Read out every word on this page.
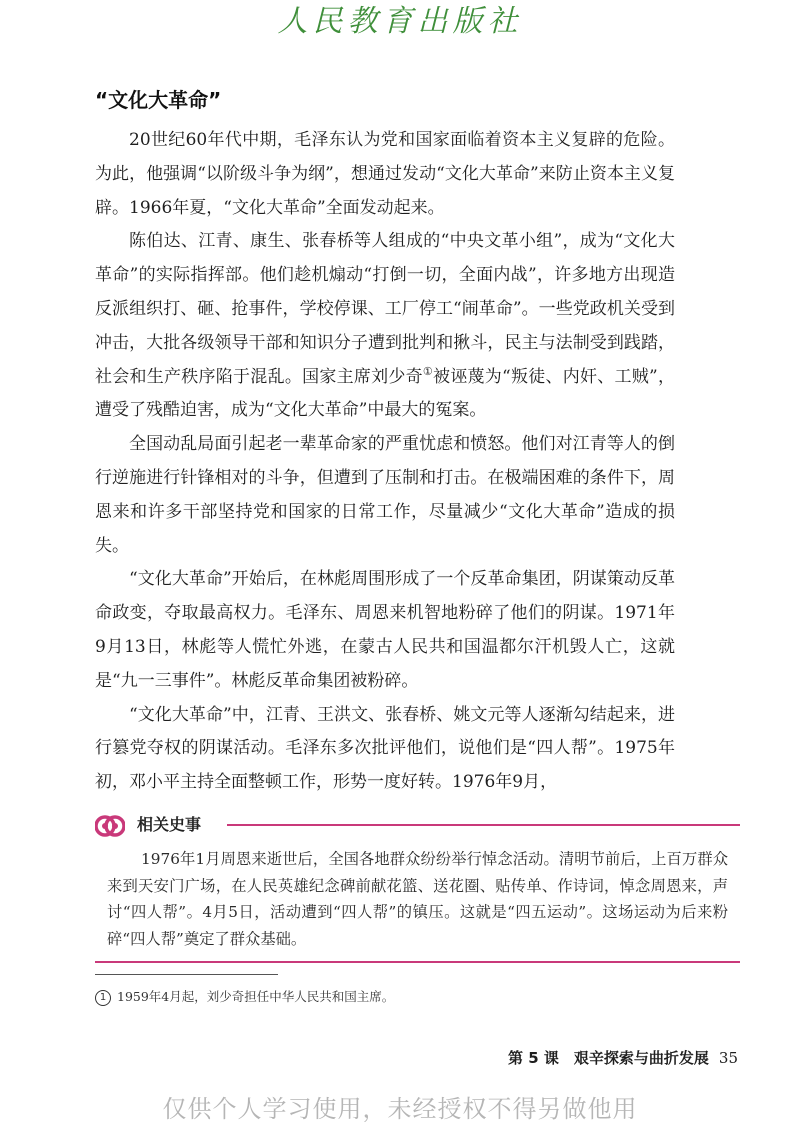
人民教育出版社
“文化大革命”

20世纪60年代中期，毛泽东认为党和国家面临着资本主义复辟的危险。为此，他强调“以阶级斗争为纲”，想通过发动“文化大革命”来防止资本主义复辟。1966年夏，“文化大革命”全面发动起来。

陈伯达、江青、康生、张春桥等人组成的“中央文革小组”，成为“文化大革命”的实际指挥部。他们趁机煽动“打倒一切，全面内战”，许多地方出现造反派组织打、砸、抢事件，学校停课、工厂停工“闹革命”。一些党政机关受到冲击，大批各级领导干部和知识分子遭到批判和揪斗，民主与法制受到践踏，社会和生产秩序陷于混乱。国家主席刘少奇①被诬蔑为“叛徒、内奸、工贼”，遭受了残酷迫害，成为“文化大革命”中最大的冤案。

全国动乱局面引起老一辈革命家的严重忧虑和愤怒。他们对江青等人的倒行逆施进行针锋相对的斗争，但遭到了压制和打击。在极端困难的条件下，周恩来和许多干部坚持党和国家的日常工作，尽量减少“文化大革命”造成的损失。

“文化大革命”开始后，在林彪周围形成了一个反革命集团，阴谋策动反革命政变，夺取最高权力。毛泽东、周恩来机智地粉碎了他们的阴谋。1971年9月13日，林彪等人慌忙外逃，在蒙古人民共和国温都尔汗机毁人亡，这就是“九一三事件”。林彪反革命集团被粉碎。

“文化大革命”中，江青、王洪文、张春桥、姚文元等人逐渐勾结起来，进行篡党夺权的阴谋活动。毛泽东多次批评他们，说他们是“四人帮”。1975年初，邓小平主持全面整顿工作，形势一度好转。1976年9月，

相关史事

1976年1月周恩来逝世后，全国各地群众纷纷举行悼念活动。清明节前后，上百万群众来到天安门广场，在人民英雄纪念碑前献花篮、送花圈、贴传单、作诗词，悼念周恩来，声讨“四人帮”。4月5日，活动遭到“四人帮”的镇压。这就是“四五运动”。这场运动为后来粉碎“四人帮”奠定了群众基础。

1 1959年4月起，刘少奇担任中华人民共和国主席。
第 5 课　艰辛探索与曲折发展 35
仅供个人学习使用，未经授权不得另做他用
